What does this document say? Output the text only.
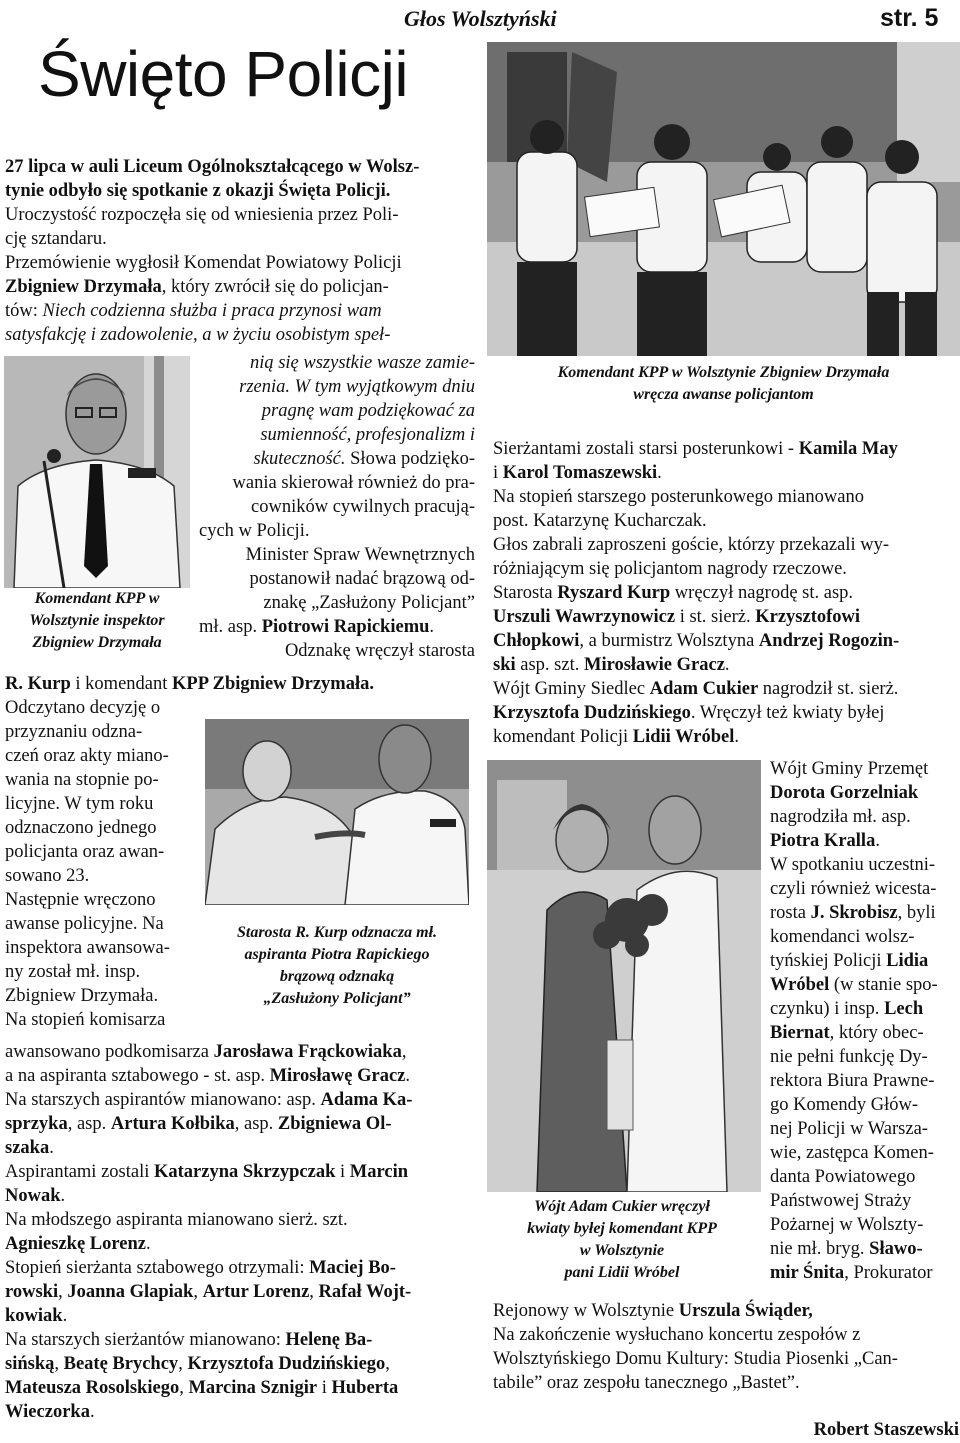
Głos Wolsztyński	str. 5
Święto Policji
Komendant KPP w Wolsztynie Zbigniew Drzymała
wręcza awanse policjantom
Komendant KPP w
Wolsztynie inspektor
Zbigniew Drzymała
Starosta R. Kurp odznacza mł.
aspiranta Piotra Rapickiego
brązową odznaką
„Zasłużony Policjant”
Wójt Adam Cukier wręczył
kwiaty byłej komendant KPP
w Wolsztynie
pani Lidii Wróbel
27 lipca w auli Liceum Ogólnokształcącego w Wolsz-
tynie odbyło się spotkanie z okazji Święta Policji.
Uroczystość rozpoczęła się od wniesienia przez Poli-
cję sztandaru.
Przemówienie wygłosił Komendat Powiatowy Policji
Zbigniew Drzymała, który zwrócił się do policjan-
tów: Niech codzienna służba i praca przynosi wam
satysfakcję i zadowolenie, a w życiu osobistym speł-
nią się wszystkie wasze zamie-
rzenia. W tym wyjątkowym dniu
pragnę wam podziękować za
sumienność, profesjonalizm i
skuteczność. Słowa podzięko-
wania skierował również do pra-
cowników cywilnych pracują-
cych w Policji.
Minister Spraw Wewnętrznych
postanowił nadać brązową od-
znakę „Zasłużony Policjant”
mł. asp. Piotrowi Rapickiemu.
Odznakę wręczył starosta
R. Kurp i komendant KPP Zbigniew Drzymała.
Odczytano decyzję o
przyznaniu odzna-
czeń oraz akty miano-
wania na stopnie po-
licyjne. W tym roku
odznaczono jednego
policjanta oraz awan-
sowano 23.
Następnie wręczono
awanse policyjne. Na
inspektora awansowa-
ny został mł. insp.
Zbigniew Drzymała.
Na stopień komisarza
awansowano podkomisarza Jarosława Frąckowiaka,
a na aspiranta sztabowego - st. asp. Mirosławę Gracz.
Na starszych aspirantów mianowano: asp. Adama Ka-
sprzyka, asp. Artura Kołbika, asp. Zbigniewa Ol-
szaka.
Aspirantami zostali Katarzyna Skrzypczak i Marcin
Nowak.
Na młodszego aspiranta mianowano sierż. szt.
Agnieszkę Lorenz.
Stopień sierżanta sztabowego otrzymali: Maciej Bo-
rowski, Joanna Glapiak, Artur Lorenz, Rafał Wojt-
kowiak.
Na starszych sierżantów mianowano: Helenę Ba-
sińską, Beatę Brychcy, Krzysztofa Dudzińskiego,
Mateusza Rosolskiego, Marcina Sznigir i Huberta
Wieczorka.
Sierżantami zostali starsi posterunkowi - Kamila May
i Karol Tomaszewski.
Na stopień starszego posterunkowego mianowano
post. Katarzynę Kucharczak.
Głos zabrali zaproszeni goście, którzy przekazali wy-
różniającym się policjantom nagrody rzeczowe.
Starosta Ryszard Kurp wręczył nagrodę st. asp.
Urszuli Wawrzynowicz i st. sierż. Krzysztofowi
Chłopkowi, a burmistrz Wolsztyna Andrzej Rogozin-
ski asp. szt. Mirosławie Gracz.
Wójt Gminy Siedlec Adam Cukier nagrodził st. sierż.
Krzysztofa Dudzińskiego. Wręczył też kwiaty byłej
komendant Policji Lidii Wróbel.
Wójt Gminy Przemęt
Dorota Gorzelniak
nagrodziła mł. asp.
Piotra Kralla.
W spotkaniu uczestni-
czyli również wicesta-
rosta J. Skrobisz, byli
komendanci wolsz-
tyńskiej Policji Lidia
Wróbel (w stanie spo-
czynku) i insp. Lech
Biernat, który obec-
nie pełni funkcję Dy-
rektora Biura Prawne-
go Komendy Głów-
nej Policji w Warsza-
wie, zastępca Komen-
danta Powiatowego
Państwowej Straży
Pożarnej w Wolszty-
nie mł. bryg. Sławo-
mir Śnita, Prokurator
Rejonowy w Wolsztynie Urszula Świąder,
Na zakończenie wysłuchano koncertu zespołów z
Wolsztyńskiego Domu Kultury: Studia Piosenki „Can-
tabile” oraz zespołu tanecznego „Bastet”.
Robert Staszewski
